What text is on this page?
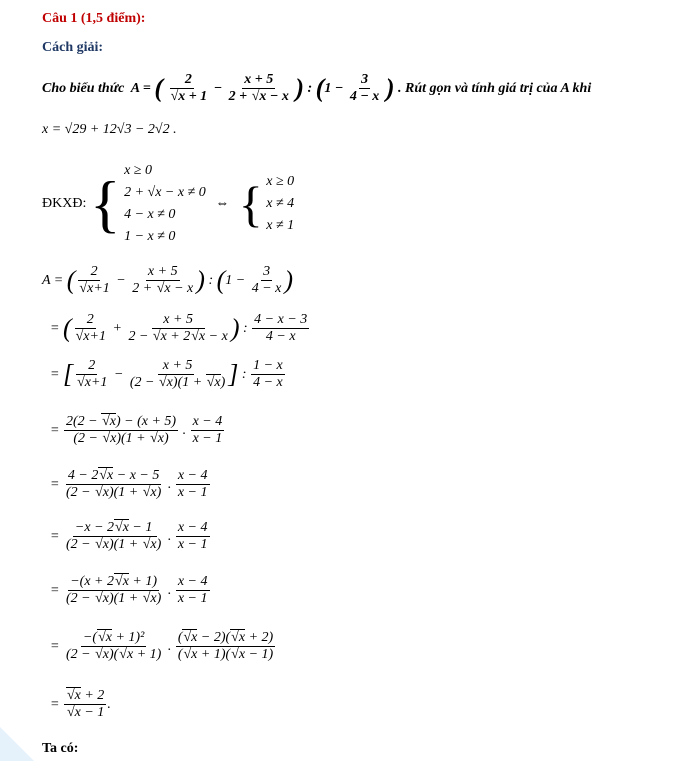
Câu 1 (1,5 điểm):
Cách giải:
Cho biểu thức A = ( $\frac{2}{√x + 1} - \frac{x + 5}{2 + √x - x}$ ) : ($1 - \frac{3}{4 - x}$ ) . Rút gọn và tính giá trị của A khi
x = √29 + 12√3 − 2√2 .
ĐKXĐ: { x ≥ 0
2 + √x − x ≠ 0
4 − x ≠ 0
1 − x ≠ 0
⇔ { x ≥ 0
x ≠ 4
x ≠ 1
A = ( $\frac{2}{√x+1} - \frac{x + 5}{2 + √x - x}$ ) : ($1 - \frac{3}{4 - x}$ )
= ( $\frac{2}{√x+1} + \frac{x + 5}{2 - √x + 2√x - x}$ ) : $\frac{4 - x - 3}{4 - x}$
= [ $\frac{2}{√x+1} - \frac{x + 5}{(2 - √x)(1 + √x)}$ ] : $\frac{1 - x}{4 - x}$
= $\frac{2(2 - √x) - (x + 5)}{(2 - √x)(1 + √x)}$ . $\frac{x - 4}{x - 1}$
= $\frac{4 - 2√x - x - 5}{(2 - √x)(1 + √x)}$ . $\frac{x - 4}{x - 1}$
= $\frac{-x - 2√x - 1}{(2 - √x)(1 + √x)}$ . $\frac{x - 4}{x - 1}$
= $\frac{-(x + 2√x + 1)}{(2 - √x)(1 + √x)}$ . $\frac{x - 4}{x - 1}$
= $\frac{\text{−(√x + 1)²}}{(2 - √x)(√x + 1)}$ . $\frac{(√x - 2)(√x + 2)}{(√x + 1)(√x - 1)}$
= $\frac{√x + 2}{√x - 1}$ .
Ta có:
